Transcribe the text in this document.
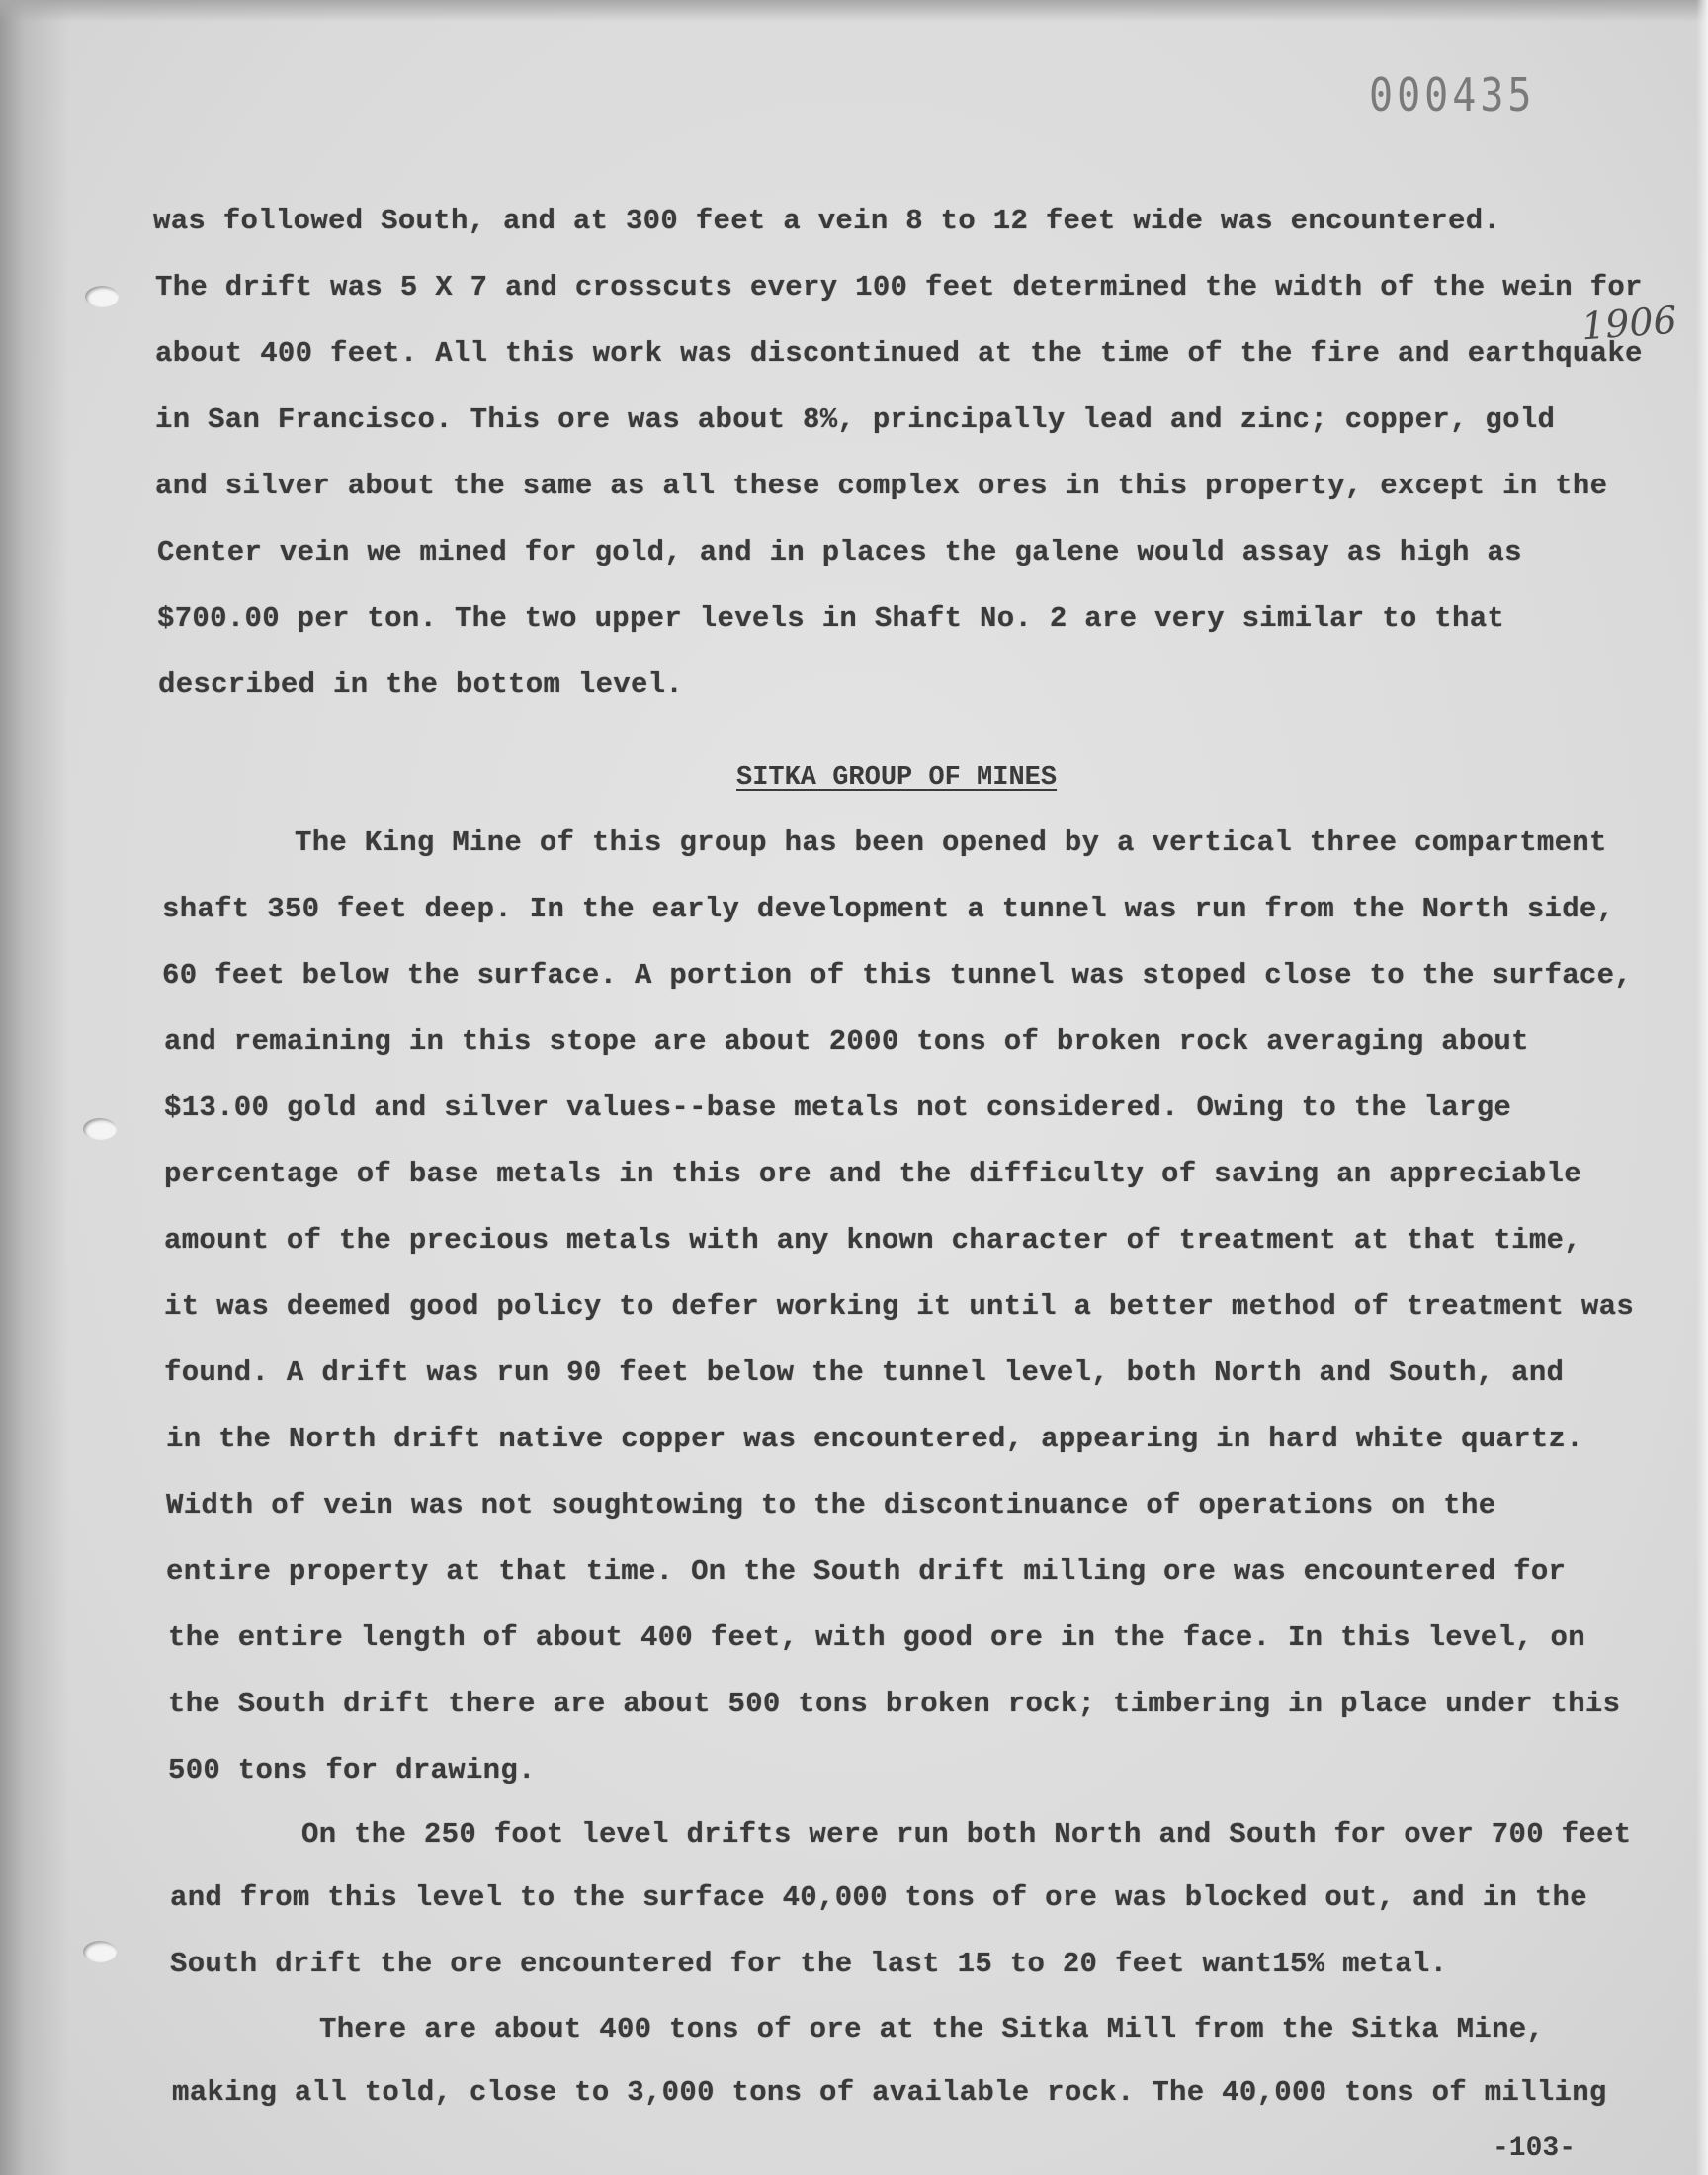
000435
1906

was followed South, and at 300 feet a vein 8 to 12 feet wide was encountered.

The drift was 5 X 7 and crosscuts every 100 feet determined the width of the wein for

about 400 feet. All this work was discontinued at the time of the fire and earthquake

in San Francisco. This ore was about 8%, principally lead and zinc; copper, gold

and silver about the same as all these complex ores in this property, except in the

Center vein we mined for gold, and in places the galene would assay as high as

$700.00 per ton. The two upper levels in Shaft No. 2 are very similar to that

described in the bottom level.

SITKA GROUP OF MINES

The King Mine of this group has been opened by a vertical three compartment

shaft 350 feet deep. In the early development a tunnel was run from the North side,

60 feet below the surface. A portion of this tunnel was stoped close to the surface,

and remaining in this stope are about 2000 tons of broken rock averaging about

$13.00 gold and silver values--base metals not considered. Owing to the large

percentage of base metals in this ore and the difficulty of saving an appreciable

amount of the precious metals with any known character of treatment at that time,

it was deemed good policy to defer working it until a better method of treatment was

found. A drift was run 90 feet below the tunnel level, both North and South, and

in the North drift native copper was encountered, appearing in hard white quartz.

Width of vein was not soughtowing to the discontinuance of operations on the

entire property at that time. On the South drift milling ore was encountered for

the entire length of about 400 feet, with good ore in the face. In this level, on

the South drift there are about 500 tons broken rock; timbering in place under this

500 tons for drawing.

On the 250 foot level drifts were run both North and South for over 700 feet

and from this level to the surface 40,000 tons of ore was blocked out, and in the

South drift the ore encountered for the last 15 to 20 feet want15% metal.

There are about 400 tons of ore at the Sitka Mill from the Sitka Mine,

making all told, close to 3,000 tons of available rock. The 40,000 tons of milling

-103-
